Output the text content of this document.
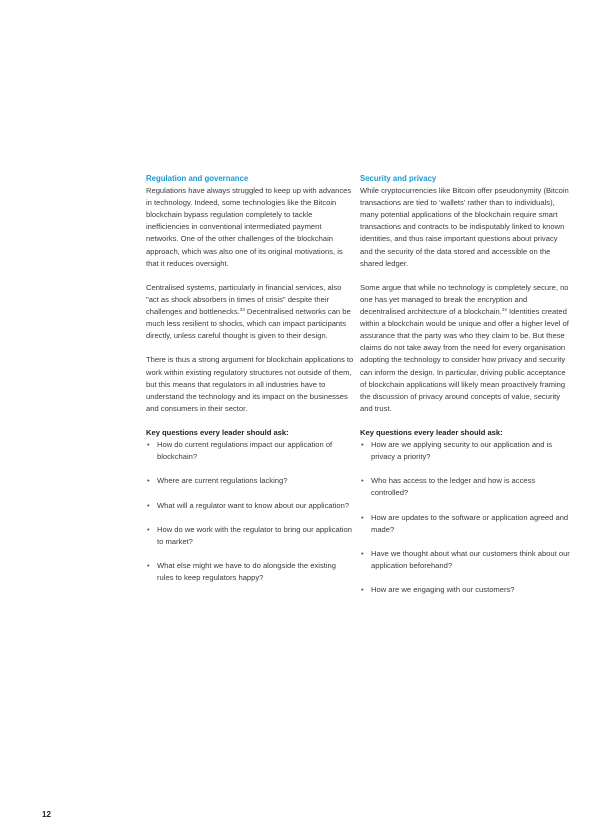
Regulation and governance

Regulations have always struggled to keep up with advances in technology. Indeed, some technologies like the Bitcoin blockchain bypass regulation completely to tackle inefficiencies in conventional intermediated payment networks. One of the other challenges of the blockchain approach, which was also one of its original motivations, is that it reduces oversight.

Centralised systems, particularly in financial services, also "act as shock absorbers in times of crisis" despite their challenges and bottlenecks.$^{33}$ Decentralised networks can be much less resilient to shocks, which can impact participants directly, unless careful thought is given to their design.

There is thus a strong argument for blockchain applications to work within existing regulatory structures not outside of them, but this means that regulators in all industries have to understand the technology and its impact on the businesses and consumers in their sector.

Key questions every leader should ask:
• How do current regulations impact our application of blockchain?
• Where are current regulations lacking?
• What will a regulator want to know about our application?
• How do we work with the regulator to bring our application to market?
• What else might we have to do alongside the existing rules to keep regulators happy?
Security and privacy

While cryptocurrencies like Bitcoin offer pseudonymity (Bitcoin transactions are tied to ‘wallets’ rather than to individuals), many potential applications of the blockchain require smart transactions and contracts to be indisputably linked to known identities, and thus raise important questions about privacy and the security of the data stored and accessible on the shared ledger.

Some argue that while no technology is completely secure, no one has yet managed to break the encryption and decentralised architecture of a blockchain.$^{34}$ Identities created within a blockchain would be unique and offer a higher level of assurance that the party was who they claim to be. But these claims do not take away from the need for every organisation adopting the technology to consider how privacy and security can inform the design. In particular, driving public acceptance of blockchain applications will likely mean proactively framing the discussion of privacy around concepts of value, security and trust.

Key questions every leader should ask:
• How are we applying security to our application and is privacy a priority?
• Who has access to the ledger and how is access controlled?
• How are updates to the software or application agreed and made?
• Have we thought about what our customers think about our application beforehand?
• How are we engaging with our customers?
12
